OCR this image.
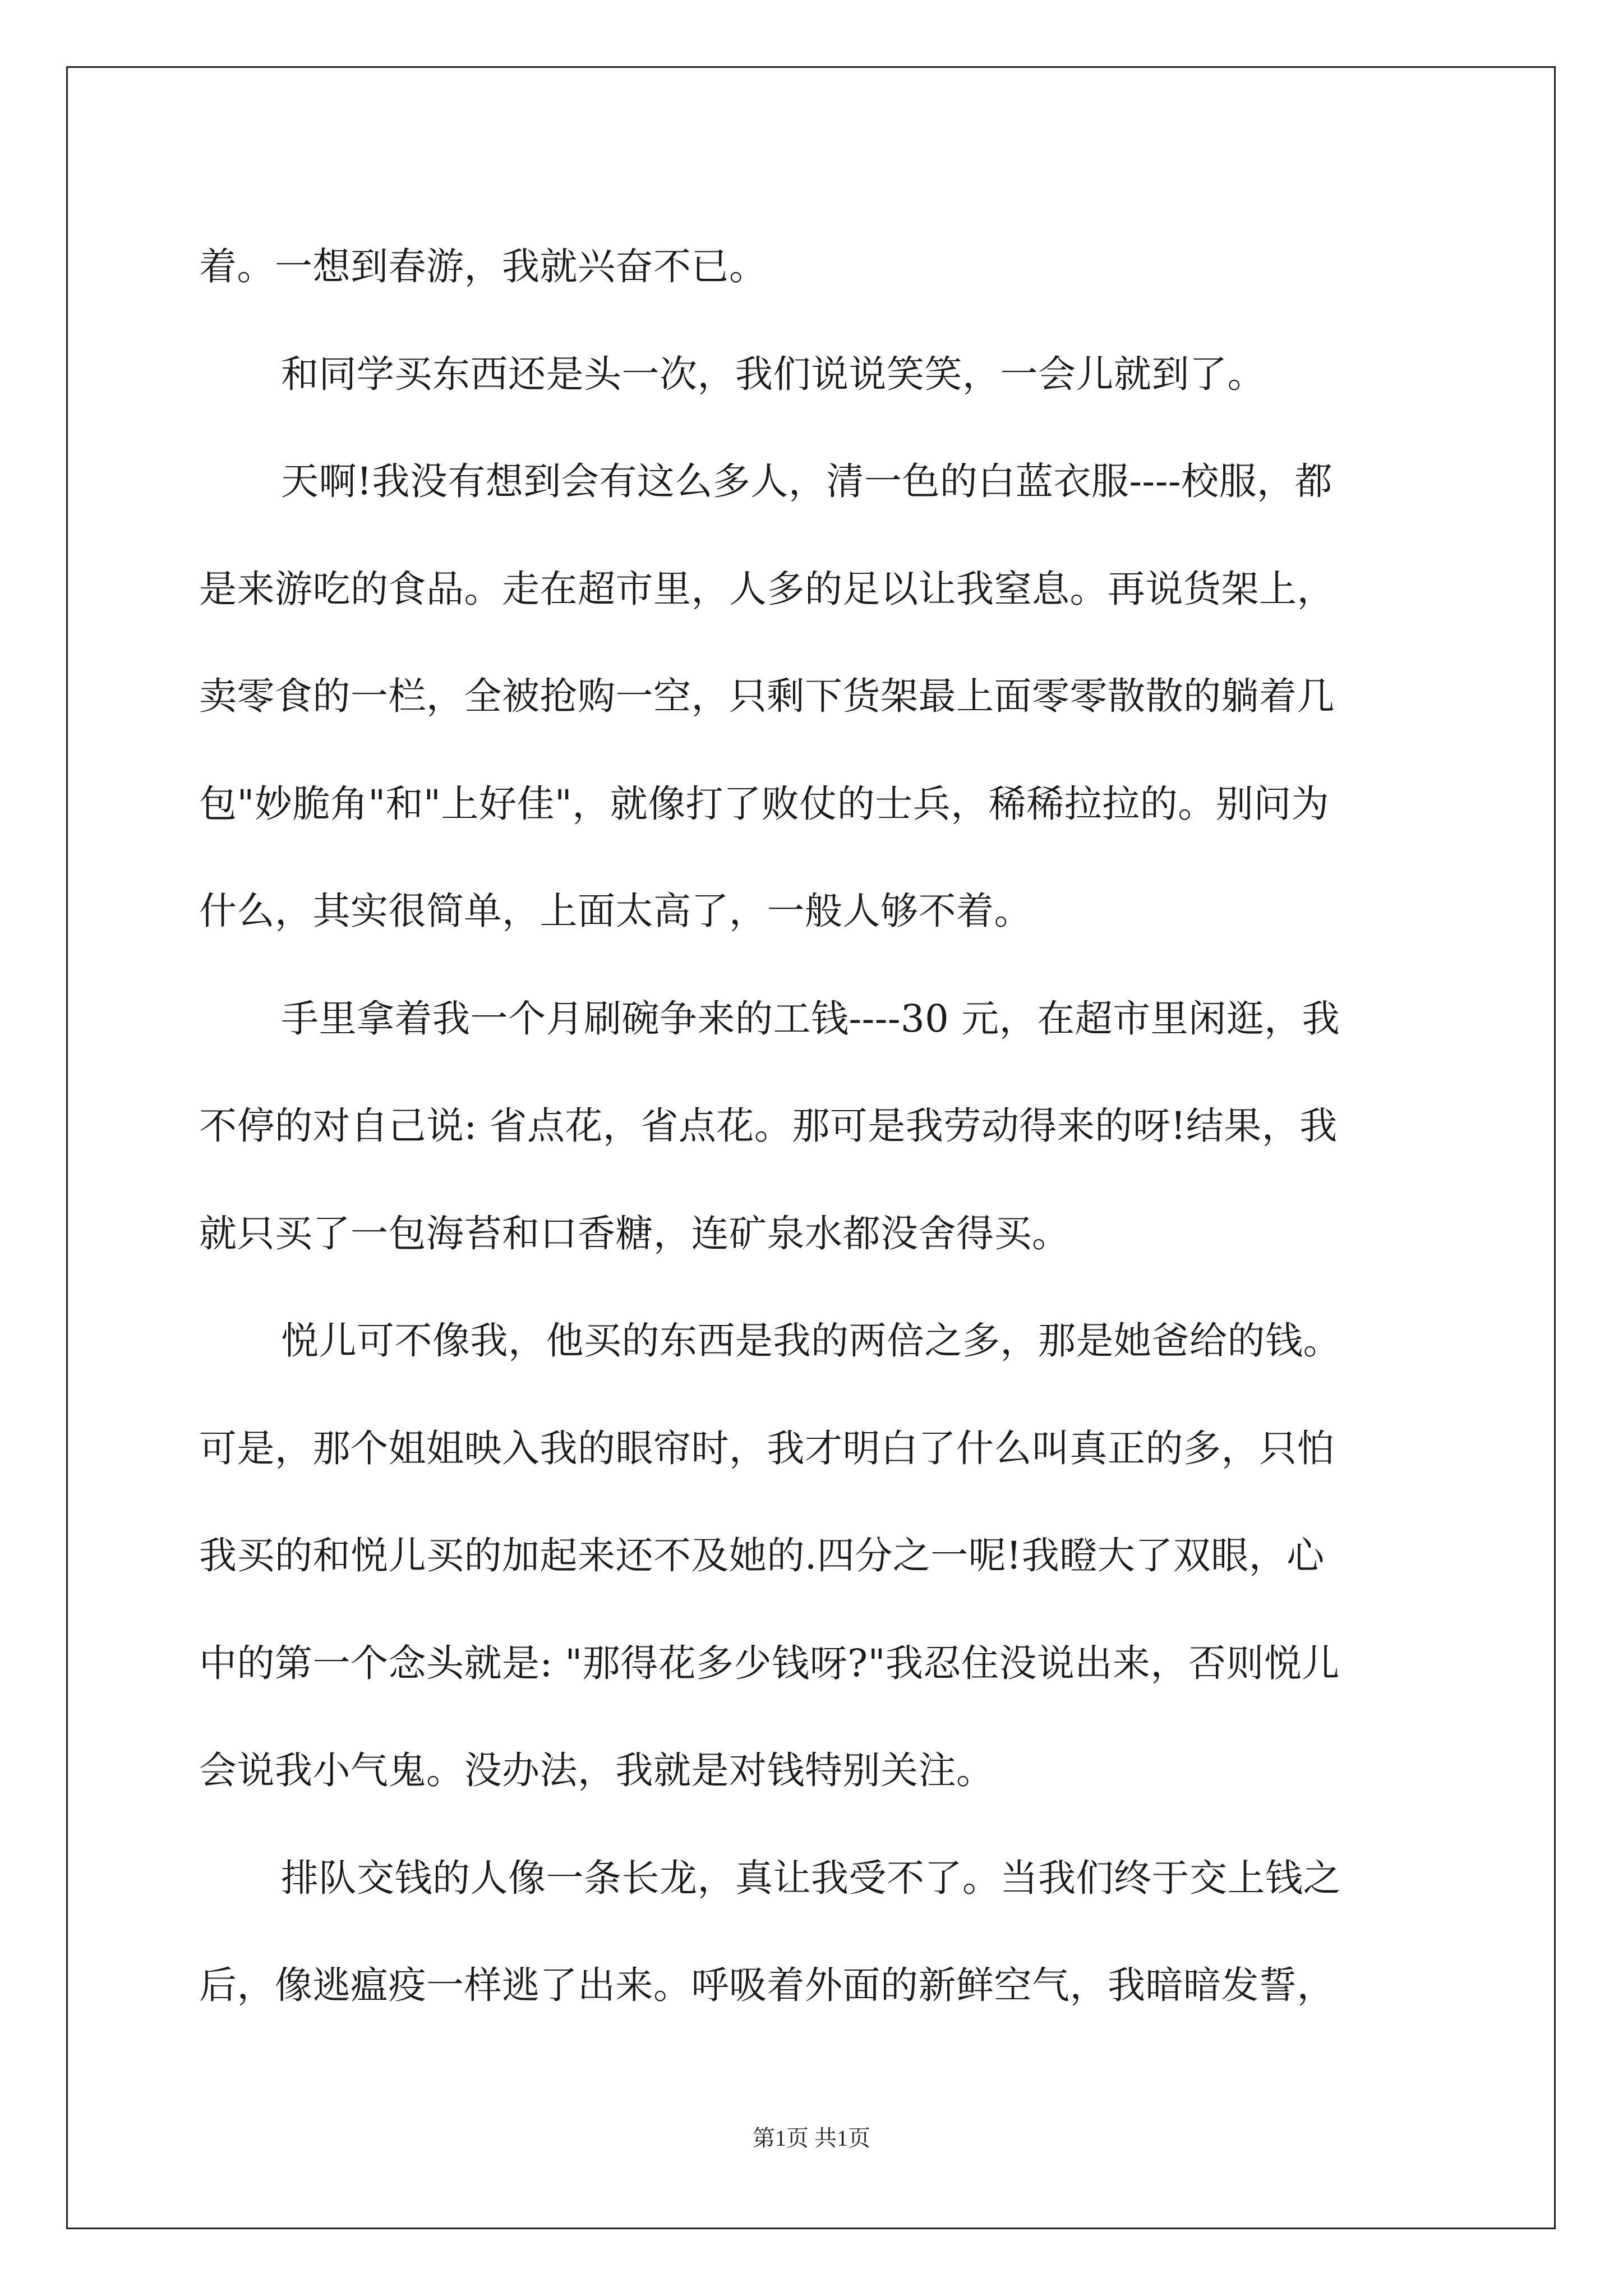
着。一想到春游，我就兴奋不已。
和同学买东西还是头一次，我们说说笑笑，一会儿就到了。
天啊!我没有想到会有这么多人，清一色的白蓝衣服----校服，都
是来游吃的食品。走在超市里，人多的足以让我窒息。再说货架上，
卖零食的一栏，全被抢购一空，只剩下货架最上面零零散散的躺着几
包"妙脆角"和"上好佳"，就像打了败仗的士兵，稀稀拉拉的。别问为
什么，其实很简单，上面太高了，一般人够不着。
手里拿着我一个月刷碗争来的工钱----30 元，在超市里闲逛，我
不停的对自己说: 省点花，省点花。那可是我劳动得来的呀!结果，我
就只买了一包海苔和口香糖，连矿泉水都没舍得买。
悦儿可不像我，他买的东西是我的两倍之多，那是她爸给的钱。
可是，那个姐姐映入我的眼帘时，我才明白了什么叫真正的多，只怕
我买的和悦儿买的加起来还不及她的.四分之一呢!我瞪大了双眼，心
中的第一个念头就是: "那得花多少钱呀?"我忍住没说出来，否则悦儿
会说我小气鬼。没办法，我就是对钱特别关注。
排队交钱的人像一条长龙，真让我受不了。当我们终于交上钱之
后，像逃瘟疫一样逃了出来。呼吸着外面的新鲜空气，我暗暗发誓，
第1页 共1页
